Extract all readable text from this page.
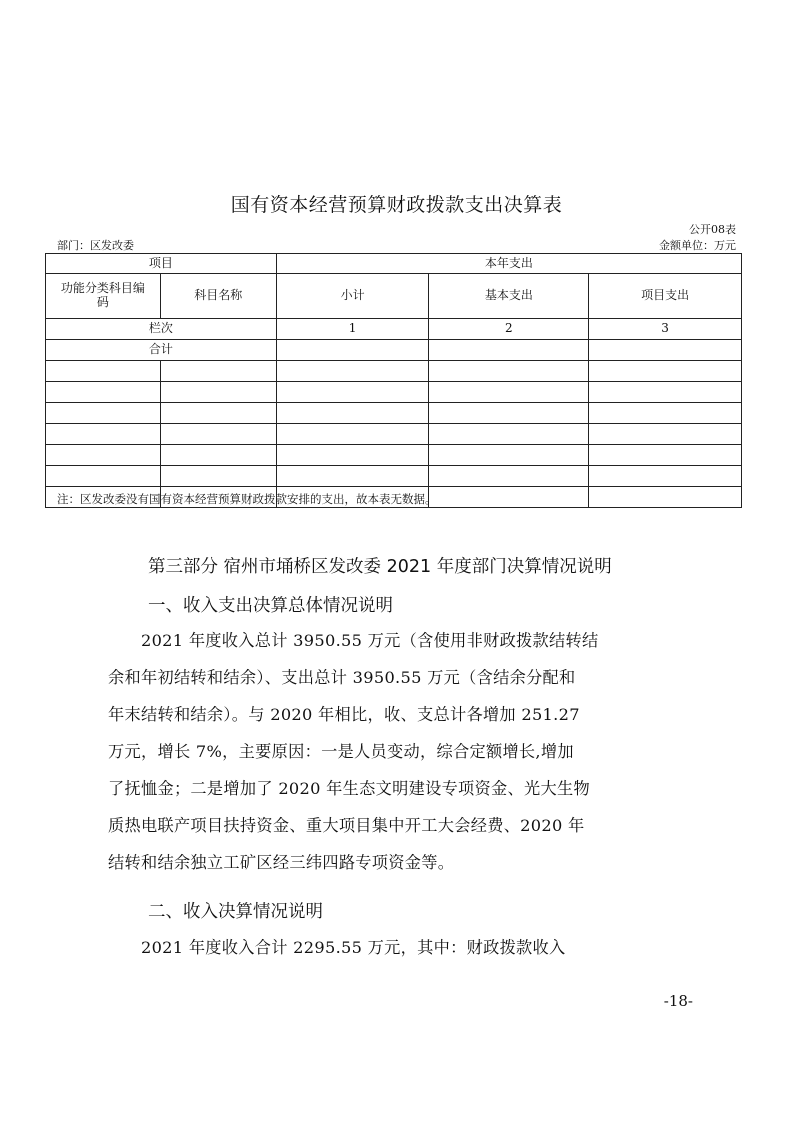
国有资本经营预算财政拨款支出决算表
公开08表
部门：区发改委	金额单位：万元
项目		本年支出		
功能分类科目编码	科目名称	小计	基本支出	项目支出
栏次		1	2	3
合计				

注：区发改委没有国有资本经营预算财政拨款安排的支出，故本表无数据。
第三部分 宿州市埇桥区发改委 2021 年度部门决算情况说明
一、收入支出决算总体情况说明
　　2021 年度收入总计 3950.55 万元（含使用非财政拨款结转结
余和年初结转和结余）、支出总计 3950.55 万元（含结余分配和
年末结转和结余）。与 2020 年相比，收、支总计各增加 251.27
万元，增长 7%，主要原因：一是人员变动，综合定额增长,增加
了抚恤金；二是增加了 2020 年生态文明建设专项资金、光大生物
质热电联产项目扶持资金、重大项目集中开工大会经费、2020 年
结转和结余独立工矿区经三纬四路专项资金等。
二、收入决算情况说明
　　2021 年度收入合计 2295.55 万元，其中：财政拨款收入
-18-
